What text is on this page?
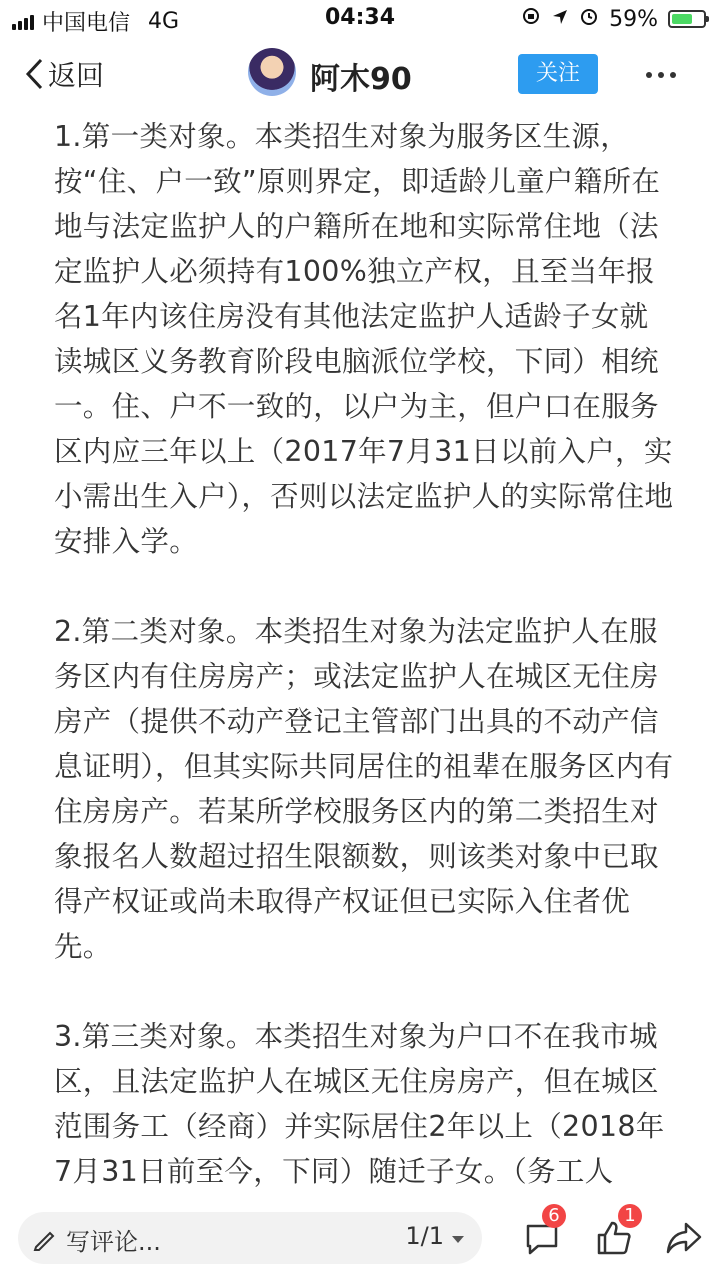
中国电信 4G	04:34	59%
返回	阿木90	关注

1.第一类对象。本类招生对象为服务区生源，按“住、户一致”原则界定，即适龄儿童户籍所在地与法定监护人的户籍所在地和实际常住地（法定监护人必须持有100%独立产权，且至当年报名1年内该住房没有其他法定监护人适龄子女就读城区义务教育阶段电脑派位学校，下同）相统一。住、户不一致的，以户为主，但户口在服务区内应三年以上（2017年7月31日以前入户，实小需出生入户），否则以法定监护人的实际常住地安排入学。

2.第二类对象。本类招生对象为法定监护人在服务区内有住房房产；或法定监护人在城区无住房房产（提供不动产登记主管部门出具的不动产信息证明），但其实际共同居住的祖辈在服务区内有住房房产。若某所学校服务区内的第二类招生对象报名人数超过招生限额数，则该类对象中已取得产权证或尚未取得产权证但已实际入住者优先。

3.第三类对象。本类招生对象为户口不在我市城区，且法定监护人在城区无住房房产，但在城区范围务工（经商）并实际居住2年以上（2018年7月31日前至今，下同）随迁子女。（务工人

写评论...	1/1
6	1
